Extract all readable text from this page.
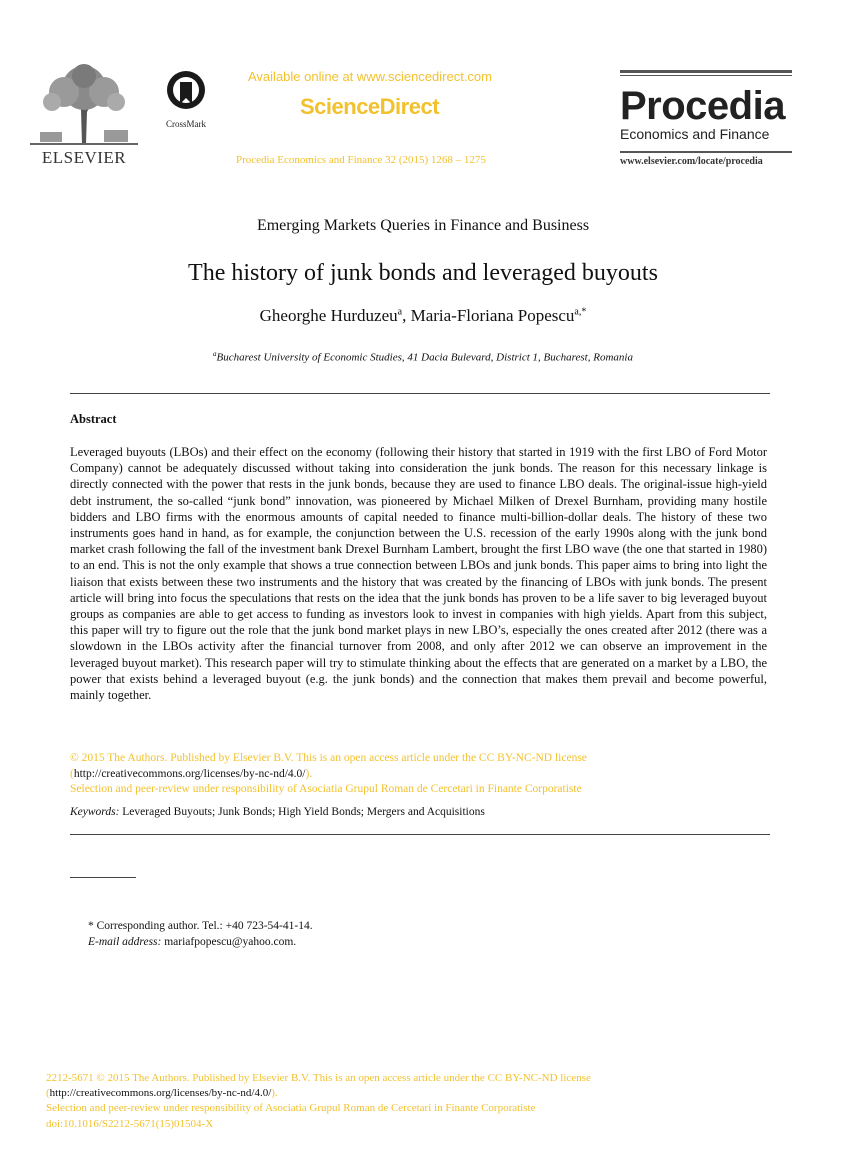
ELSEVIER
CrossMark
Available online at www.sciencedirect.com
ScienceDirect
Procedia Economics and Finance 32 (2015) 1268 – 1275
Procedia
Economics and Finance
www.elsevier.com/locate/procedia
Emerging Markets Queries in Finance and Business
The history of junk bonds and leveraged buyouts
Gheorghe Hurduzeu$^a$, Maria-Floriana Popescu$^{a,*}$
$^a$Bucharest University of Economic Studies, 41 Dacia Bulevard, District 1, Bucharest, Romania
Abstract
Leveraged buyouts (LBOs) and their effect on the economy (following their history that started in 1919 with the first LBO of Ford Motor Company) cannot be adequately discussed without taking into consideration the junk bonds. The reason for this necessary linkage is directly connected with the power that rests in the junk bonds, because they are used to finance LBO deals. The original-issue high-yield debt instrument, the so-called “junk bond” innovation, was pioneered by Michael Milken of Drexel Burnham, providing many hostile bidders and LBO firms with the enormous amounts of capital needed to finance multi-billion-dollar deals. The history of these two instruments goes hand in hand, as for example, the conjunction between the U.S. recession of the early 1990s along with the junk bond market crash following the fall of the investment bank Drexel Burnham Lambert, brought the first LBO wave (the one that started in 1980) to an end. This is not the only example that shows a true connection between LBOs and junk bonds. This paper aims to bring into light the liaison that exists between these two instruments and the history that was created by the financing of LBOs with junk bonds. The present article will bring into focus the speculations that rests on the idea that the junk bonds has proven to be a life saver to big leveraged buyout groups as companies are able to get access to funding as investors look to invest in companies with high yields. Apart from this subject, this paper will try to figure out the role that the junk bond market plays in new LBO’s, especially the ones created after 2012 (there was a slowdown in the LBOs activity after the financial turnover from 2008, and only after 2012 we can observe an improvement in the leveraged buyout market). This research paper will try to stimulate thinking about the effects that are generated on a market by a LBO, the power that exists behind a leveraged buyout (e.g. the junk bonds) and the connection that makes them prevail and become powerful, mainly together.
© 2015 The Authors. Published by Elsevier B.V. This is an open access article under the CC BY-NC-ND license
(http://creativecommons.org/licenses/by-nc-nd/4.0/).
Selection and peer-review under responsibility of Asociatia Grupul Roman de Cercetari in Finante Corporatiste
Keywords: Leveraged Buyouts; Junk Bonds; High Yield Bonds; Mergers and Acquisitions
* Corresponding author. Tel.: +40 723-54-41-14.
E-mail address: mariafpopescu@yahoo.com.
2212-5671 © 2015 The Authors. Published by Elsevier B.V. This is an open access article under the CC BY-NC-ND license
(http://creativecommons.org/licenses/by-nc-nd/4.0/).
Selection and peer-review under responsibility of Asociatia Grupul Roman de Cercetari in Finante Corporatiste
doi:10.1016/S2212-5671(15)01504-X
